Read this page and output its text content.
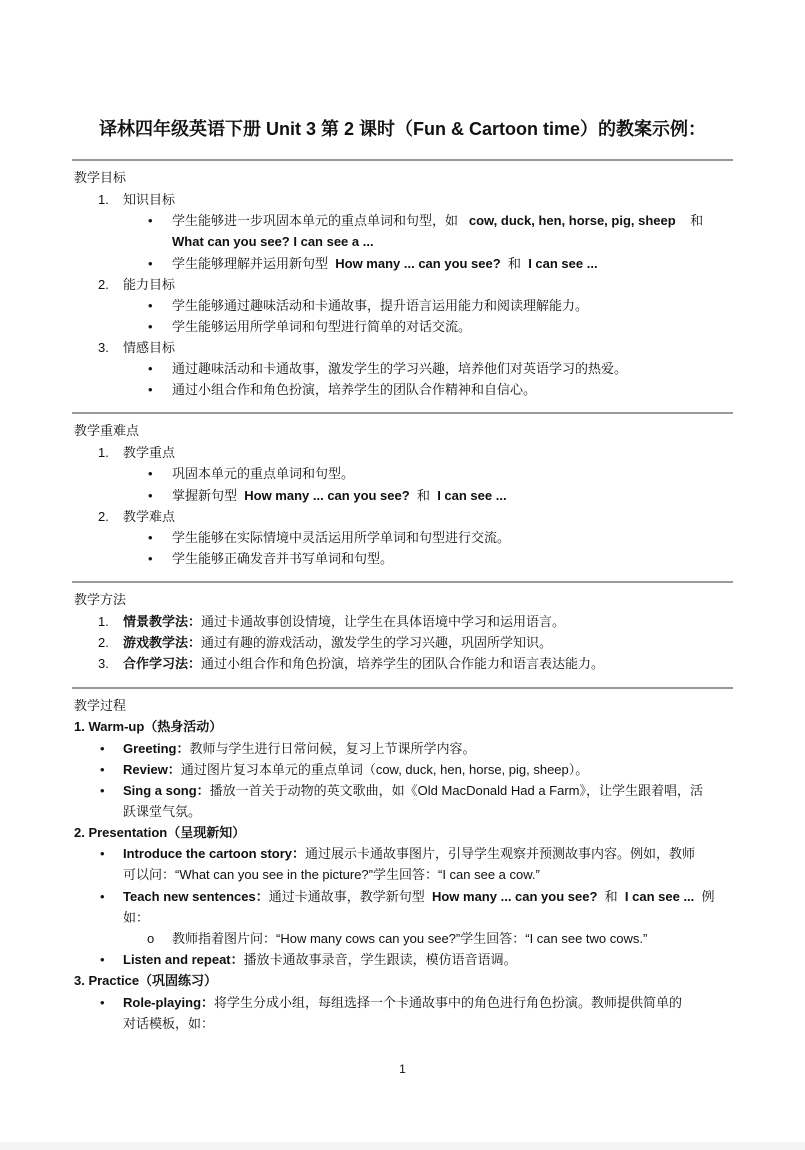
译林四年级英语下册 Unit 3 第 2 课时（Fun & Cartoon time）的教案示例：
教学目标
1. 知识目标
• 学生能够进一步巩固本单元的重点单词和句型，如 cow, duck, hen, horse, pig, sheep 和
What can you see? I can see a ...
• 学生能够理解并运用新句型 How many ... can you see? 和 I can see ...
2. 能力目标
• 学生能够通过趣味活动和卡通故事，提升语言运用能力和阅读理解能力。
• 学生能够运用所学单词和句型进行简单的对话交流。
3. 情感目标
• 通过趣味活动和卡通故事，激发学生的学习兴趣，培养他们对英语学习的热爱。
• 通过小组合作和角色扮演，培养学生的团队合作精神和自信心。
教学重难点
1. 教学重点
• 巩固本单元的重点单词和句型。
• 掌握新句型 How many ... can you see? 和 I can see ...
2. 教学难点
• 学生能够在实际情境中灵活运用所学单词和句型进行交流。
• 学生能够正确发音并书写单词和句型。
教学方法
1. 情景教学法：通过卡通故事创设情境，让学生在具体语境中学习和运用语言。
2. 游戏教学法：通过有趣的游戏活动，激发学生的学习兴趣，巩固所学知识。
3. 合作学习法：通过小组合作和角色扮演，培养学生的团队合作能力和语言表达能力。
教学过程
1. Warm-up（热身活动）
• Greeting：教师与学生进行日常问候，复习上节课所学内容。
• Review：通过图片复习本单元的重点单词（cow, duck, hen, horse, pig, sheep）。
• Sing a song：播放一首关于动物的英文歌曲，如《Old MacDonald Had a Farm》，让学生跟着唱，活
跃课堂气氛。
2. Presentation（呈现新知）
• Introduce the cartoon story：通过展示卡通故事图片，引导学生观察并预测故事内容。例如，教师
可以问：“What can you see in the picture?”学生回答：“I can see a cow.”
• Teach new sentences：通过卡通故事，教学新句型 How many ... can you see? 和 I can see ... 例
如：
o 教师指着图片问：“How many cows can you see?”学生回答：“I can see two cows.”
• Listen and repeat：播放卡通故事录音，学生跟读，模仿语音语调。
3. Practice（巩固练习）
• Role-playing：将学生分成小组，每组选择一个卡通故事中的角色进行角色扮演。教师提供简单的
对话模板，如：
1
